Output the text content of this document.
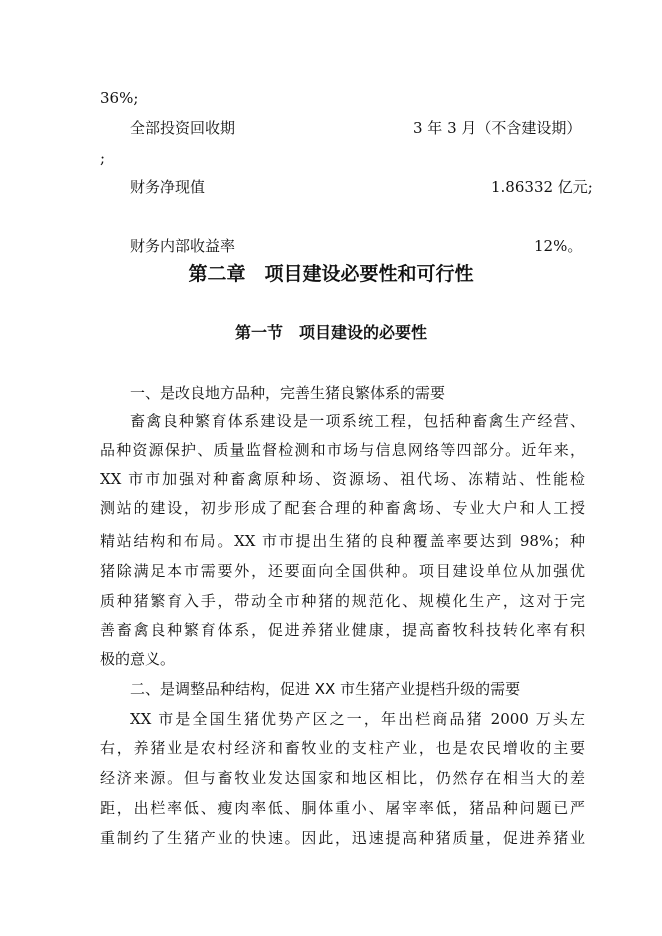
36%;
全部投资回收期	3 年 3 月（不含建设期）
;
财务净现值	1.86332 亿元;
财务内部收益率	12%。
第二章　项目建设必要性和可行性
第一节　项目建设的必要性
一、是改良地方品种，完善生猪良繁体系的需要
畜禽良种繁育体系建设是一项系统工程，包括种畜禽生产经营、
品种资源保护、质量监督检测和市场与信息网络等四部分。近年来，
XX 市市加强对种畜禽原种场、资源场、祖代场、冻精站、性能检
测站的建设，初步形成了配套合理的种畜禽场、专业大户和人工授
精站结构和布局。XX 市市提出生猪的良种覆盖率要达到 98%；种
猪除满足本市需要外，还要面向全国供种。项目建设单位从加强优
质种猪繁育入手，带动全市种猪的规范化、规模化生产，这对于完
善畜禽良种繁育体系，促进养猪业健康，提高畜牧科技转化率有积
极的意义。
二、是调整品种结构，促进 XX 市生猪产业提档升级的需要
XX 市是全国生猪优势产区之一，年出栏商品猪 2000 万头左
右，养猪业是农村经济和畜牧业的支柱产业，也是农民增收的主要
经济来源。但与畜牧业发达国家和地区相比，仍然存在相当大的差
距，出栏率低、瘦肉率低、胴体重小、屠宰率低，猪品种问题已严
重制约了生猪产业的快速。因此，迅速提高种猪质量，促进养猪业
